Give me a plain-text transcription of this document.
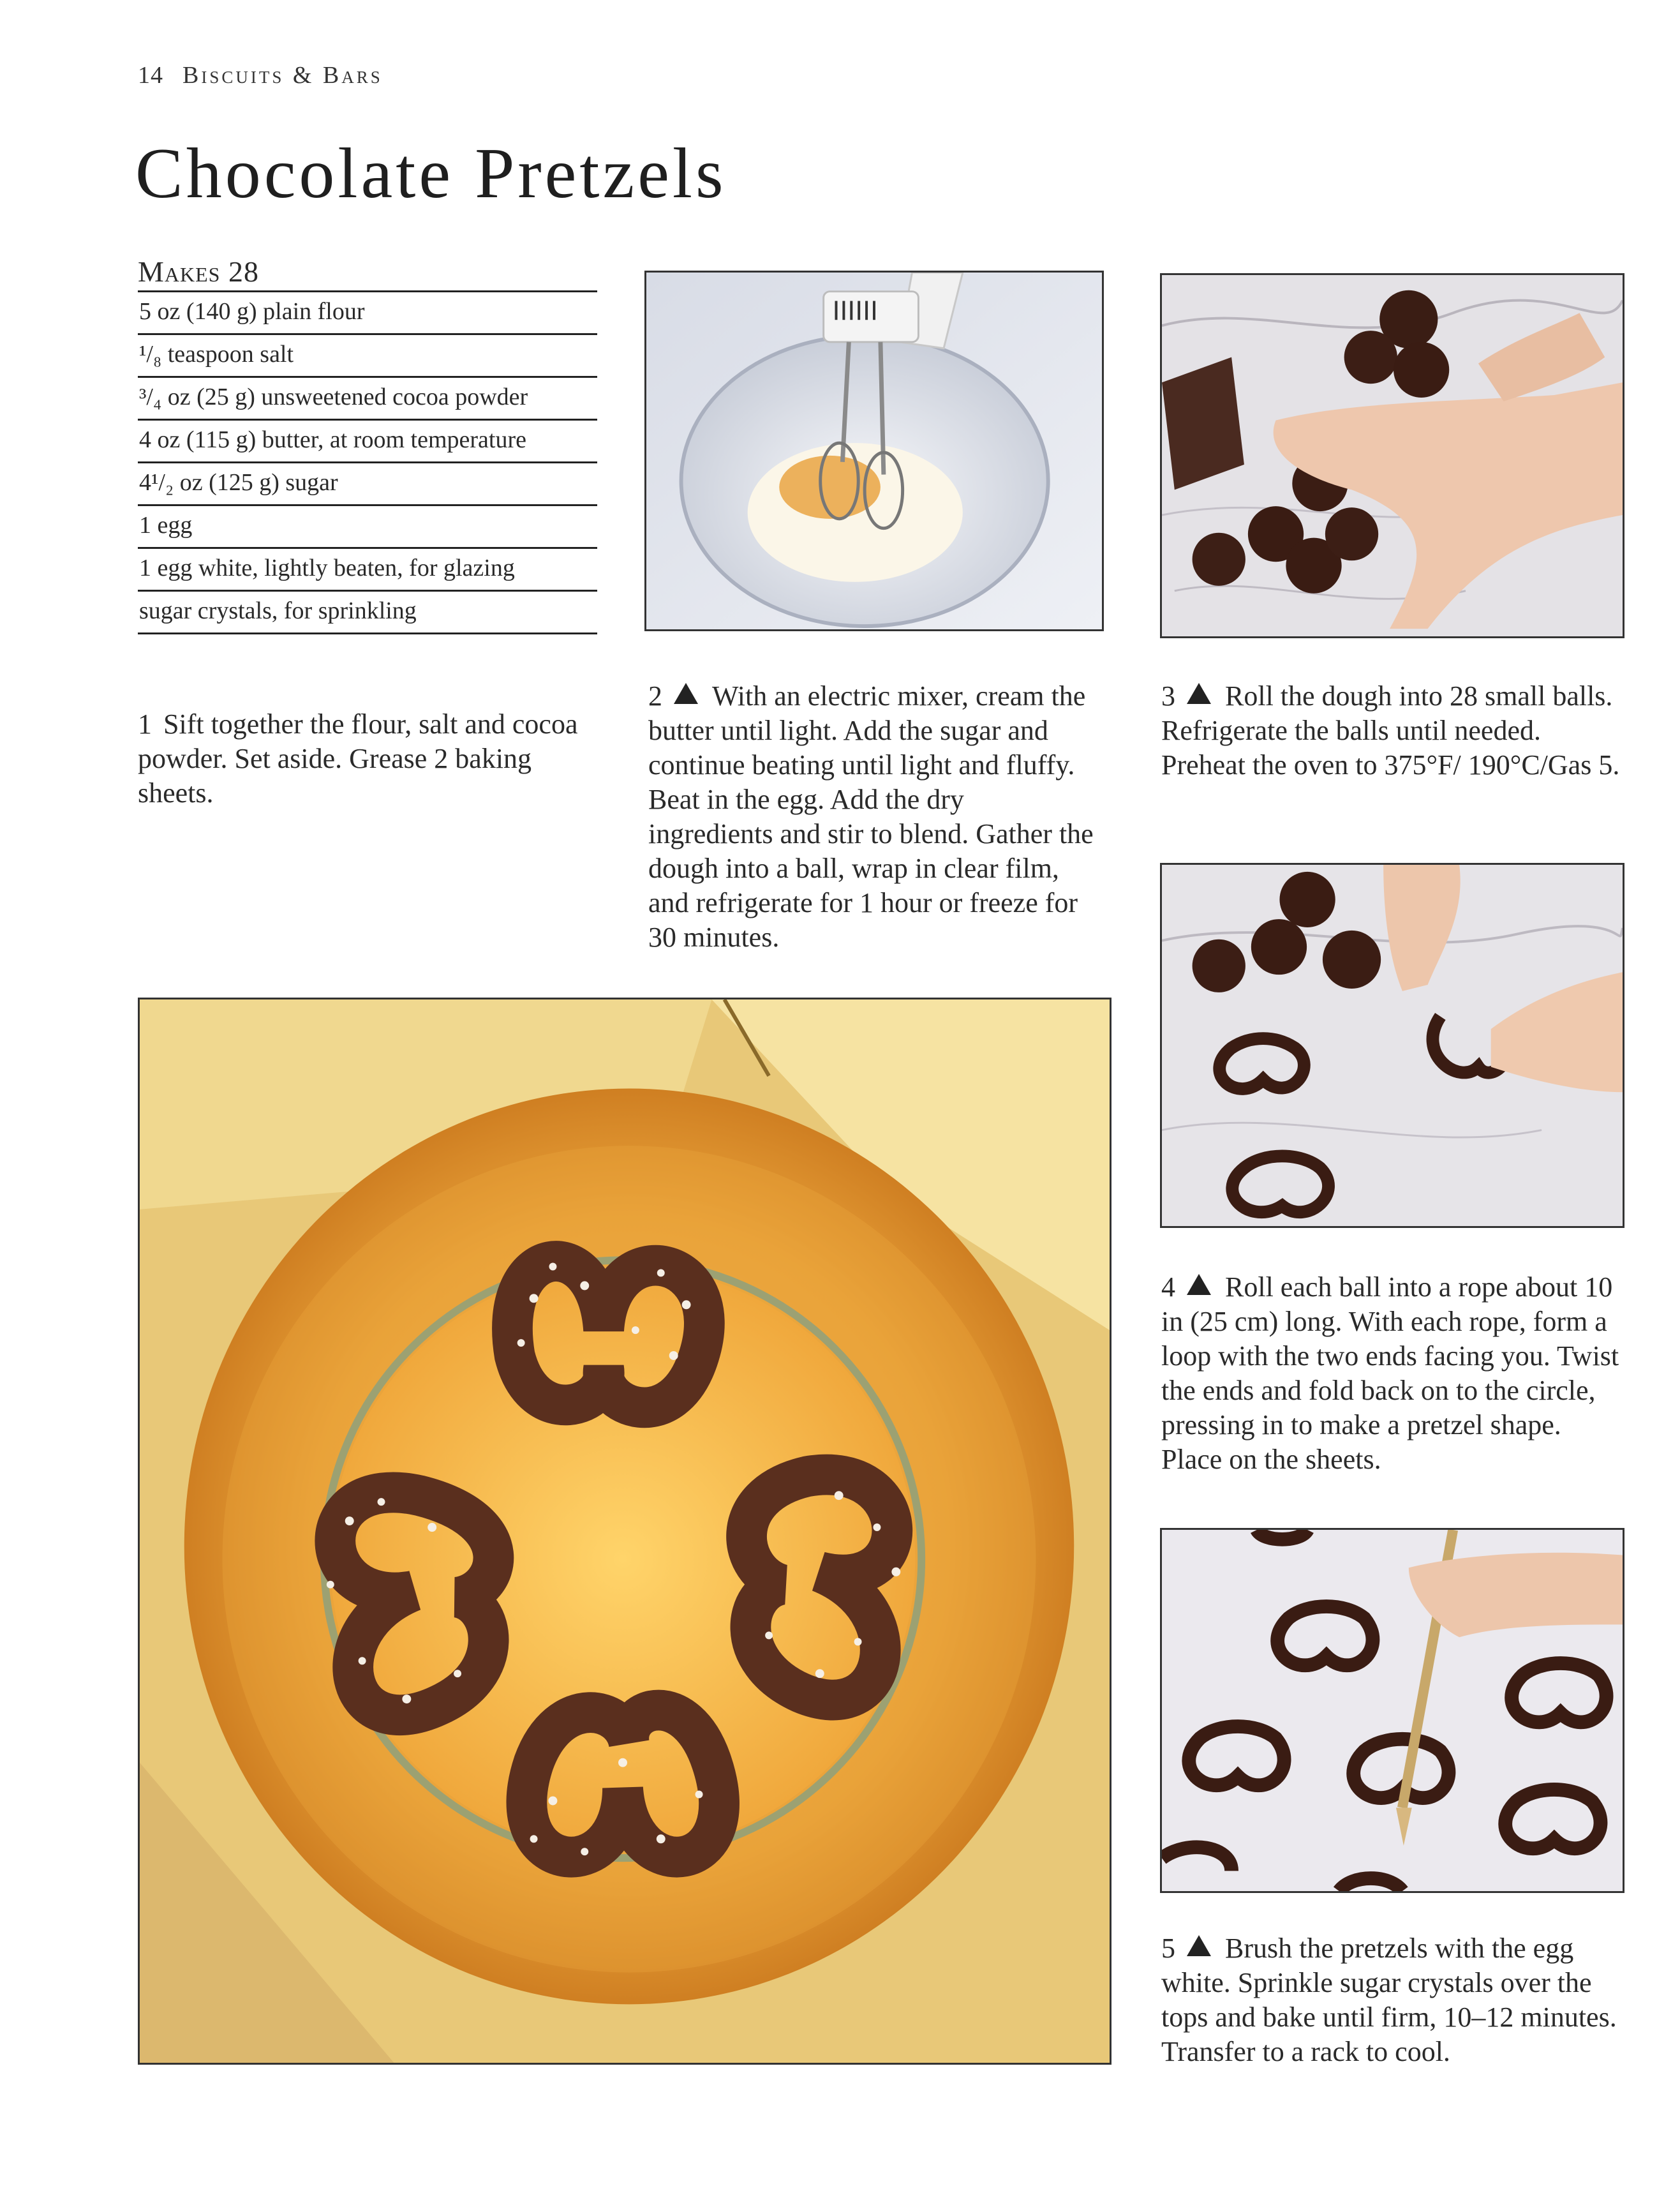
14 Biscuits & Bars
Chocolate Pretzels
Makes 28
5 oz (140 g) plain flour
¹/₈ teaspoon salt
³/₄ oz (25 g) unsweetened cocoa powder
4 oz (115 g) butter, at room temperature
4¹/₂ oz (125 g) sugar
1 egg
1 egg white, lightly beaten, for glazing
sugar crystals, for sprinkling
1 Sift together the flour, salt and cocoa powder. Set aside. Grease 2 baking sheets.
2 With an electric mixer, cream the butter until light. Add the sugar and continue beating until light and fluffy. Beat in the egg. Add the dry ingredients and stir to blend. Gather the dough into a ball, wrap in clear film, and refrigerate for 1 hour or freeze for 30 minutes.
3 Roll the dough into 28 small balls. Refrigerate the balls until needed. Preheat the oven to 375°F/ 190°C/Gas 5.
4 Roll each ball into a rope about 10 in (25 cm) long. With each rope, form a loop with the two ends facing you. Twist the ends and fold back on to the circle, pressing in to make a pretzel shape. Place on the sheets.
5 Brush the pretzels with the egg white. Sprinkle sugar crystals over the tops and bake until firm, 10–12 minutes. Transfer to a rack to cool.
